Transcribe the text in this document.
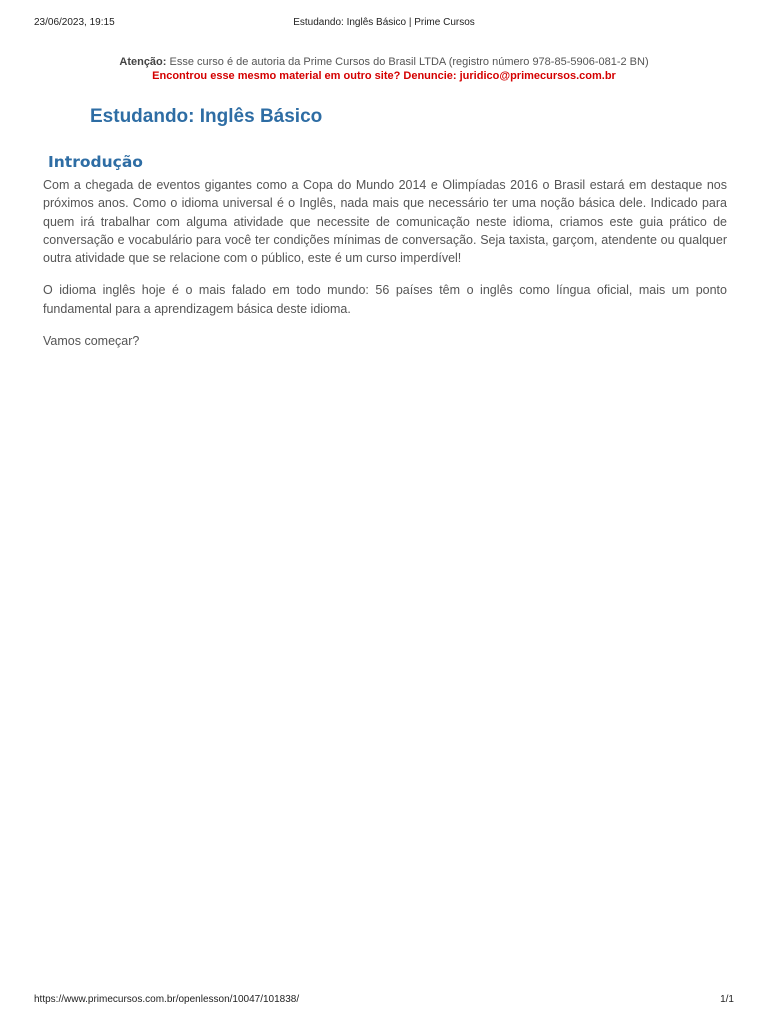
23/06/2023, 19:15	Estudando: Inglês Básico | Prime Cursos
Atenção: Esse curso é de autoria da Prime Cursos do Brasil LTDA (registro número 978-85-5906-081-2 BN)
Encontrou esse mesmo material em outro site? Denuncie: juridico@primecursos.com.br
Estudando: Inglês Básico
Introdução

Com a chegada de eventos gigantes como a Copa do Mundo 2014 e Olimpíadas 2016 o Brasil estará em destaque nos próximos anos. Como o idioma universal é o Inglês, nada mais que necessário ter uma noção básica dele. Indicado para quem irá trabalhar com alguma atividade que necessite de comunicação neste idioma, criamos este guia prático de conversação e vocabulário para você ter condições mínimas de conversação. Seja taxista, garçom, atendente ou qualquer outra atividade que se relacione com o público, este é um curso imperdível!

O idioma inglês hoje é o mais falado em todo mundo: 56 países têm o inglês como língua oficial, mais um ponto fundamental para a aprendizagem básica deste idioma.

Vamos começar?

https://www.primecursos.com.br/openlesson/10047/101838/	1/1
